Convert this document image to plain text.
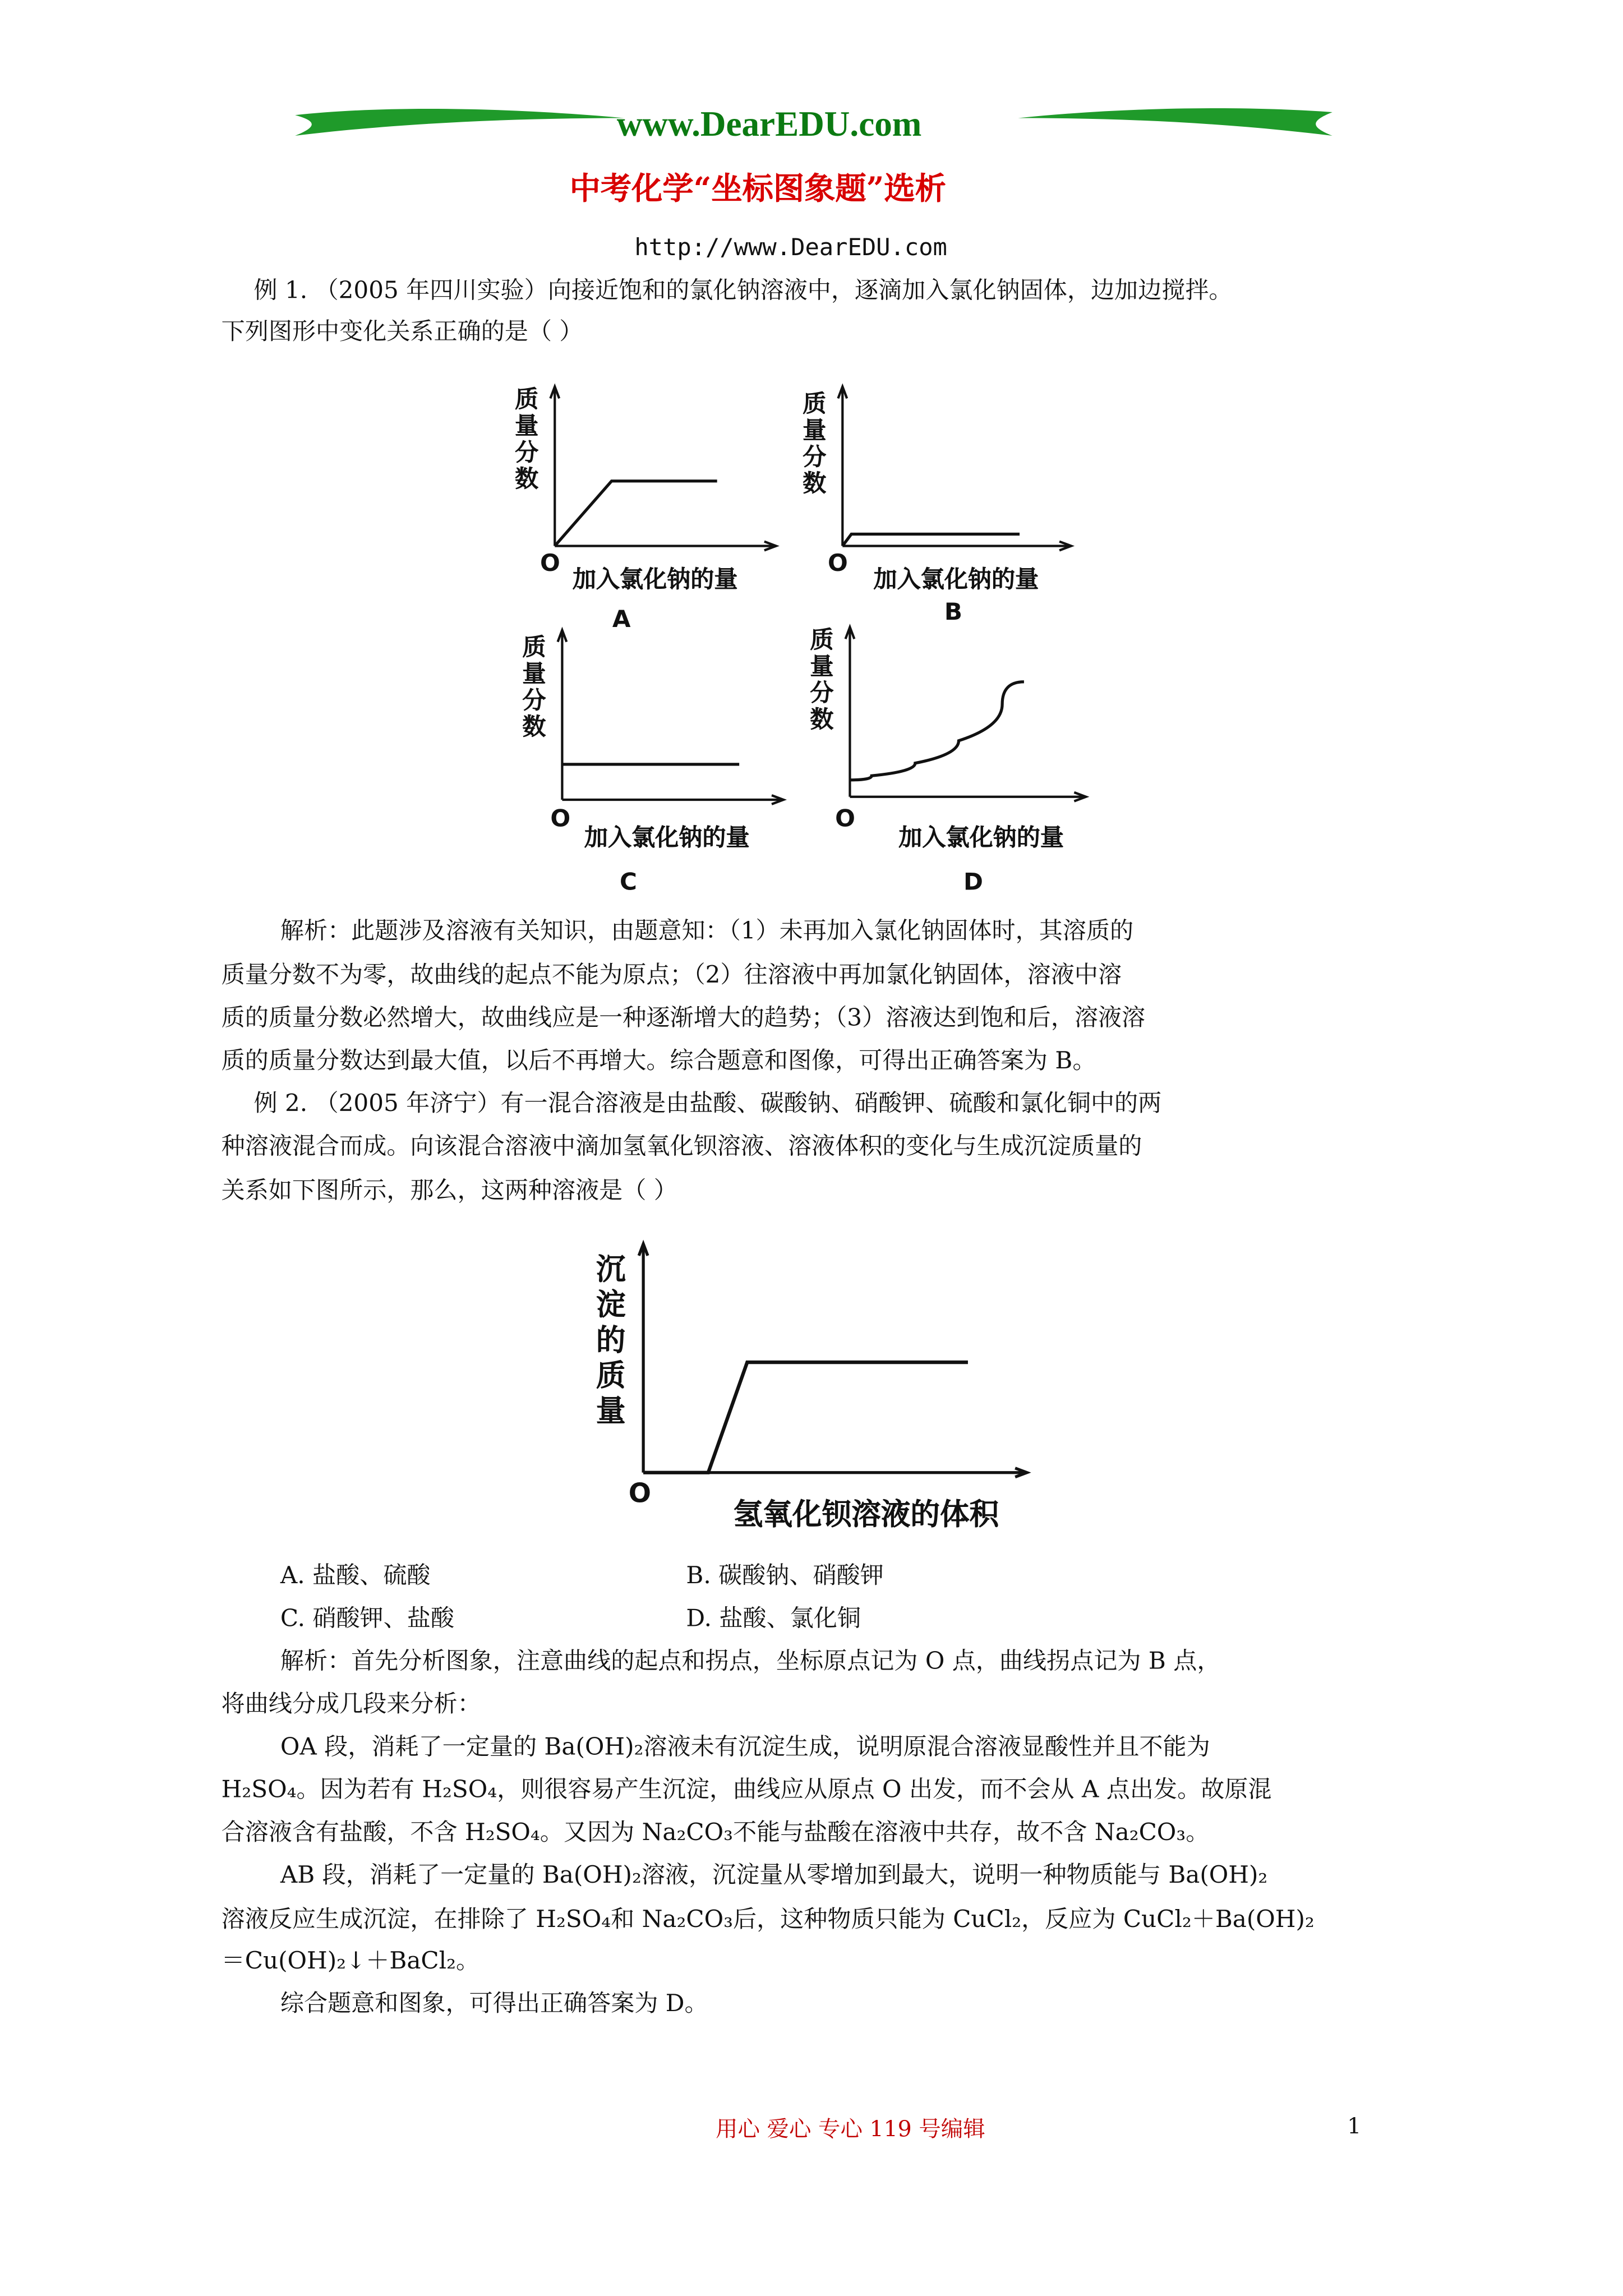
www.DearEDU.com
中考化学“坐标图象题”选析
http://www.DearEDU.com
例 1. （2005 年四川实验）向接近饱和的氯化钠溶液中，逐滴加入氯化钠固体，边加边搅拌。
下列图形中变化关系正确的是（ ）
质量分数
O
加入氯化钠的量
A
质量分数
O
加入氯化钠的量
B
质量分数
O
加入氯化钠的量
C
质量分数
O
加入氯化钠的量
D
解析：此题涉及溶液有关知识，由题意知：（1）未再加入氯化钠固体时，其溶质的
质量分数不为零，故曲线的起点不能为原点；（2）往溶液中再加氯化钠固体，溶液中溶
质的质量分数必然增大，故曲线应是一种逐渐增大的趋势；（3）溶液达到饱和后，溶液溶
质的质量分数达到最大值，以后不再增大。综合题意和图像，可得出正确答案为 B。
例 2. （2005 年济宁）有一混合溶液是由盐酸、碳酸钠、硝酸钾、硫酸和氯化铜中的两
种溶液混合而成。向该混合溶液中滴加氢氧化钡溶液、溶液体积的变化与生成沉淀质量的
关系如下图所示，那么，这两种溶液是（ ）
沉淀的质量
O
氢氧化钡溶液的体积
A. 盐酸、硫酸	B. 碳酸钠、硝酸钾
C. 硝酸钾、盐酸	D. 盐酸、氯化铜
解析：首先分析图象，注意曲线的起点和拐点，坐标原点记为 O 点，曲线拐点记为 B 点，
将曲线分成几段来分析：
OA 段，消耗了一定量的 Ba(OH)₂溶液未有沉淀生成，说明原混合溶液显酸性并且不能为
H₂SO₄。因为若有 H₂SO₄，则很容易产生沉淀，曲线应从原点 O 出发，而不会从 A 点出发。故原混
合溶液含有盐酸，不含 H₂SO₄。又因为 Na₂CO₃不能与盐酸在溶液中共存，故不含 Na₂CO₃。
AB 段，消耗了一定量的 Ba(OH)₂溶液，沉淀量从零增加到最大，说明一种物质能与 Ba(OH)₂
溶液反应生成沉淀，在排除了 H₂SO₄和 Na₂CO₃后，这种物质只能为 CuCl₂，反应为 CuCl₂＋Ba(OH)₂
＝Cu(OH)₂↓＋BaCl₂。
综合题意和图象，可得出正确答案为 D。
用心 爱心 专心 119 号编辑	1
